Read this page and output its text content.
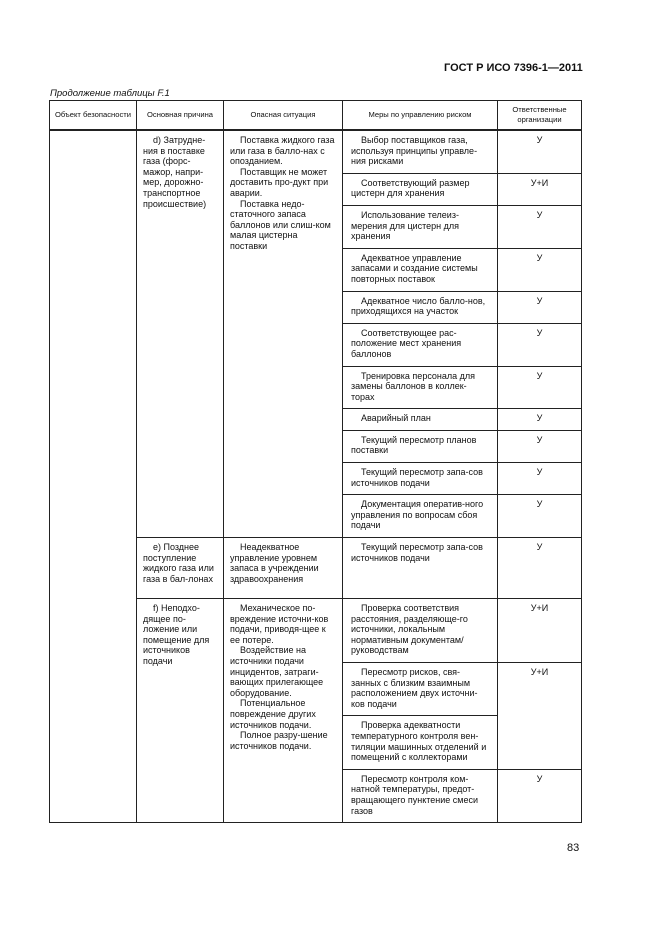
ГОСТ Р ИСО 7396-1—2011
Продолжение таблицы F.1
Объект безопасности	Основная причина	Опасная ситуация	Меры по управлению риском	Ответственные организации

	d) Затрудне-ния в поставке газа (форс-мажор, напри-мер, дорожно-транспортное происшествие)	Поставка жидкого газа или газа в балло-нах с опозданием.

Поставщик не может доставить про-дукт при аварии.

Поставка недо-статочного запаса баллонов или слиш-ком малая цистерна поставки	Выбор поставщиков газа, используя принципы управле-ния рисками	У

			Соответствующий размер цистерн для хранения	У+И

			Использование телеиз-мерения для цистерн для хранения	У

			Адекватное управление запасами и создание системы повторных поставок	У

			Адекватное число балло-нов, приходящихся на участок	У

			Соответствующее рас-положение мест хранения баллонов	У

			Тренировка персонала для замены баллонов в коллек-торах	У

			Аварийный план	У

			Текущий пересмотр планов поставки	У

			Текущий пересмотр запа-сов источников подачи	У

			Документация оператив-ного управления по вопросам сбоя подачи	У

	e) Позднее поступление жидкого газа или газа в бал-лонах	Неадекватное управление уровнем запаса в учреждении здравоохранения	Текущий пересмотр запа-сов источников подачи	У

	f) Неподхо-дящее по-ложение или помещение для источников подачи	Механическое по-вреждение источни-ков подачи, приводя-щее к ее потере.

Воздействие на источники подачи инцидентов, затраги-вающих прилегающее оборудование.

Потенциальное повреждение других источников подачи.

Полное разру-шение источников подачи.	Проверка соответствия расстояния, разделяюще-го источники, локальным нормативным документам/ руководствам	У+И

			Пересмотр рисков, свя-занных с близким взаимным расположением двух источни-ков подачи	У+И

			Проверка адекватности температурного контроля вен-тиляции машинных отделений и помещений с коллекторами	

			Пересмотр контроля ком-натной температуры, предот-вращающего пунктение смеси газов	У
83
